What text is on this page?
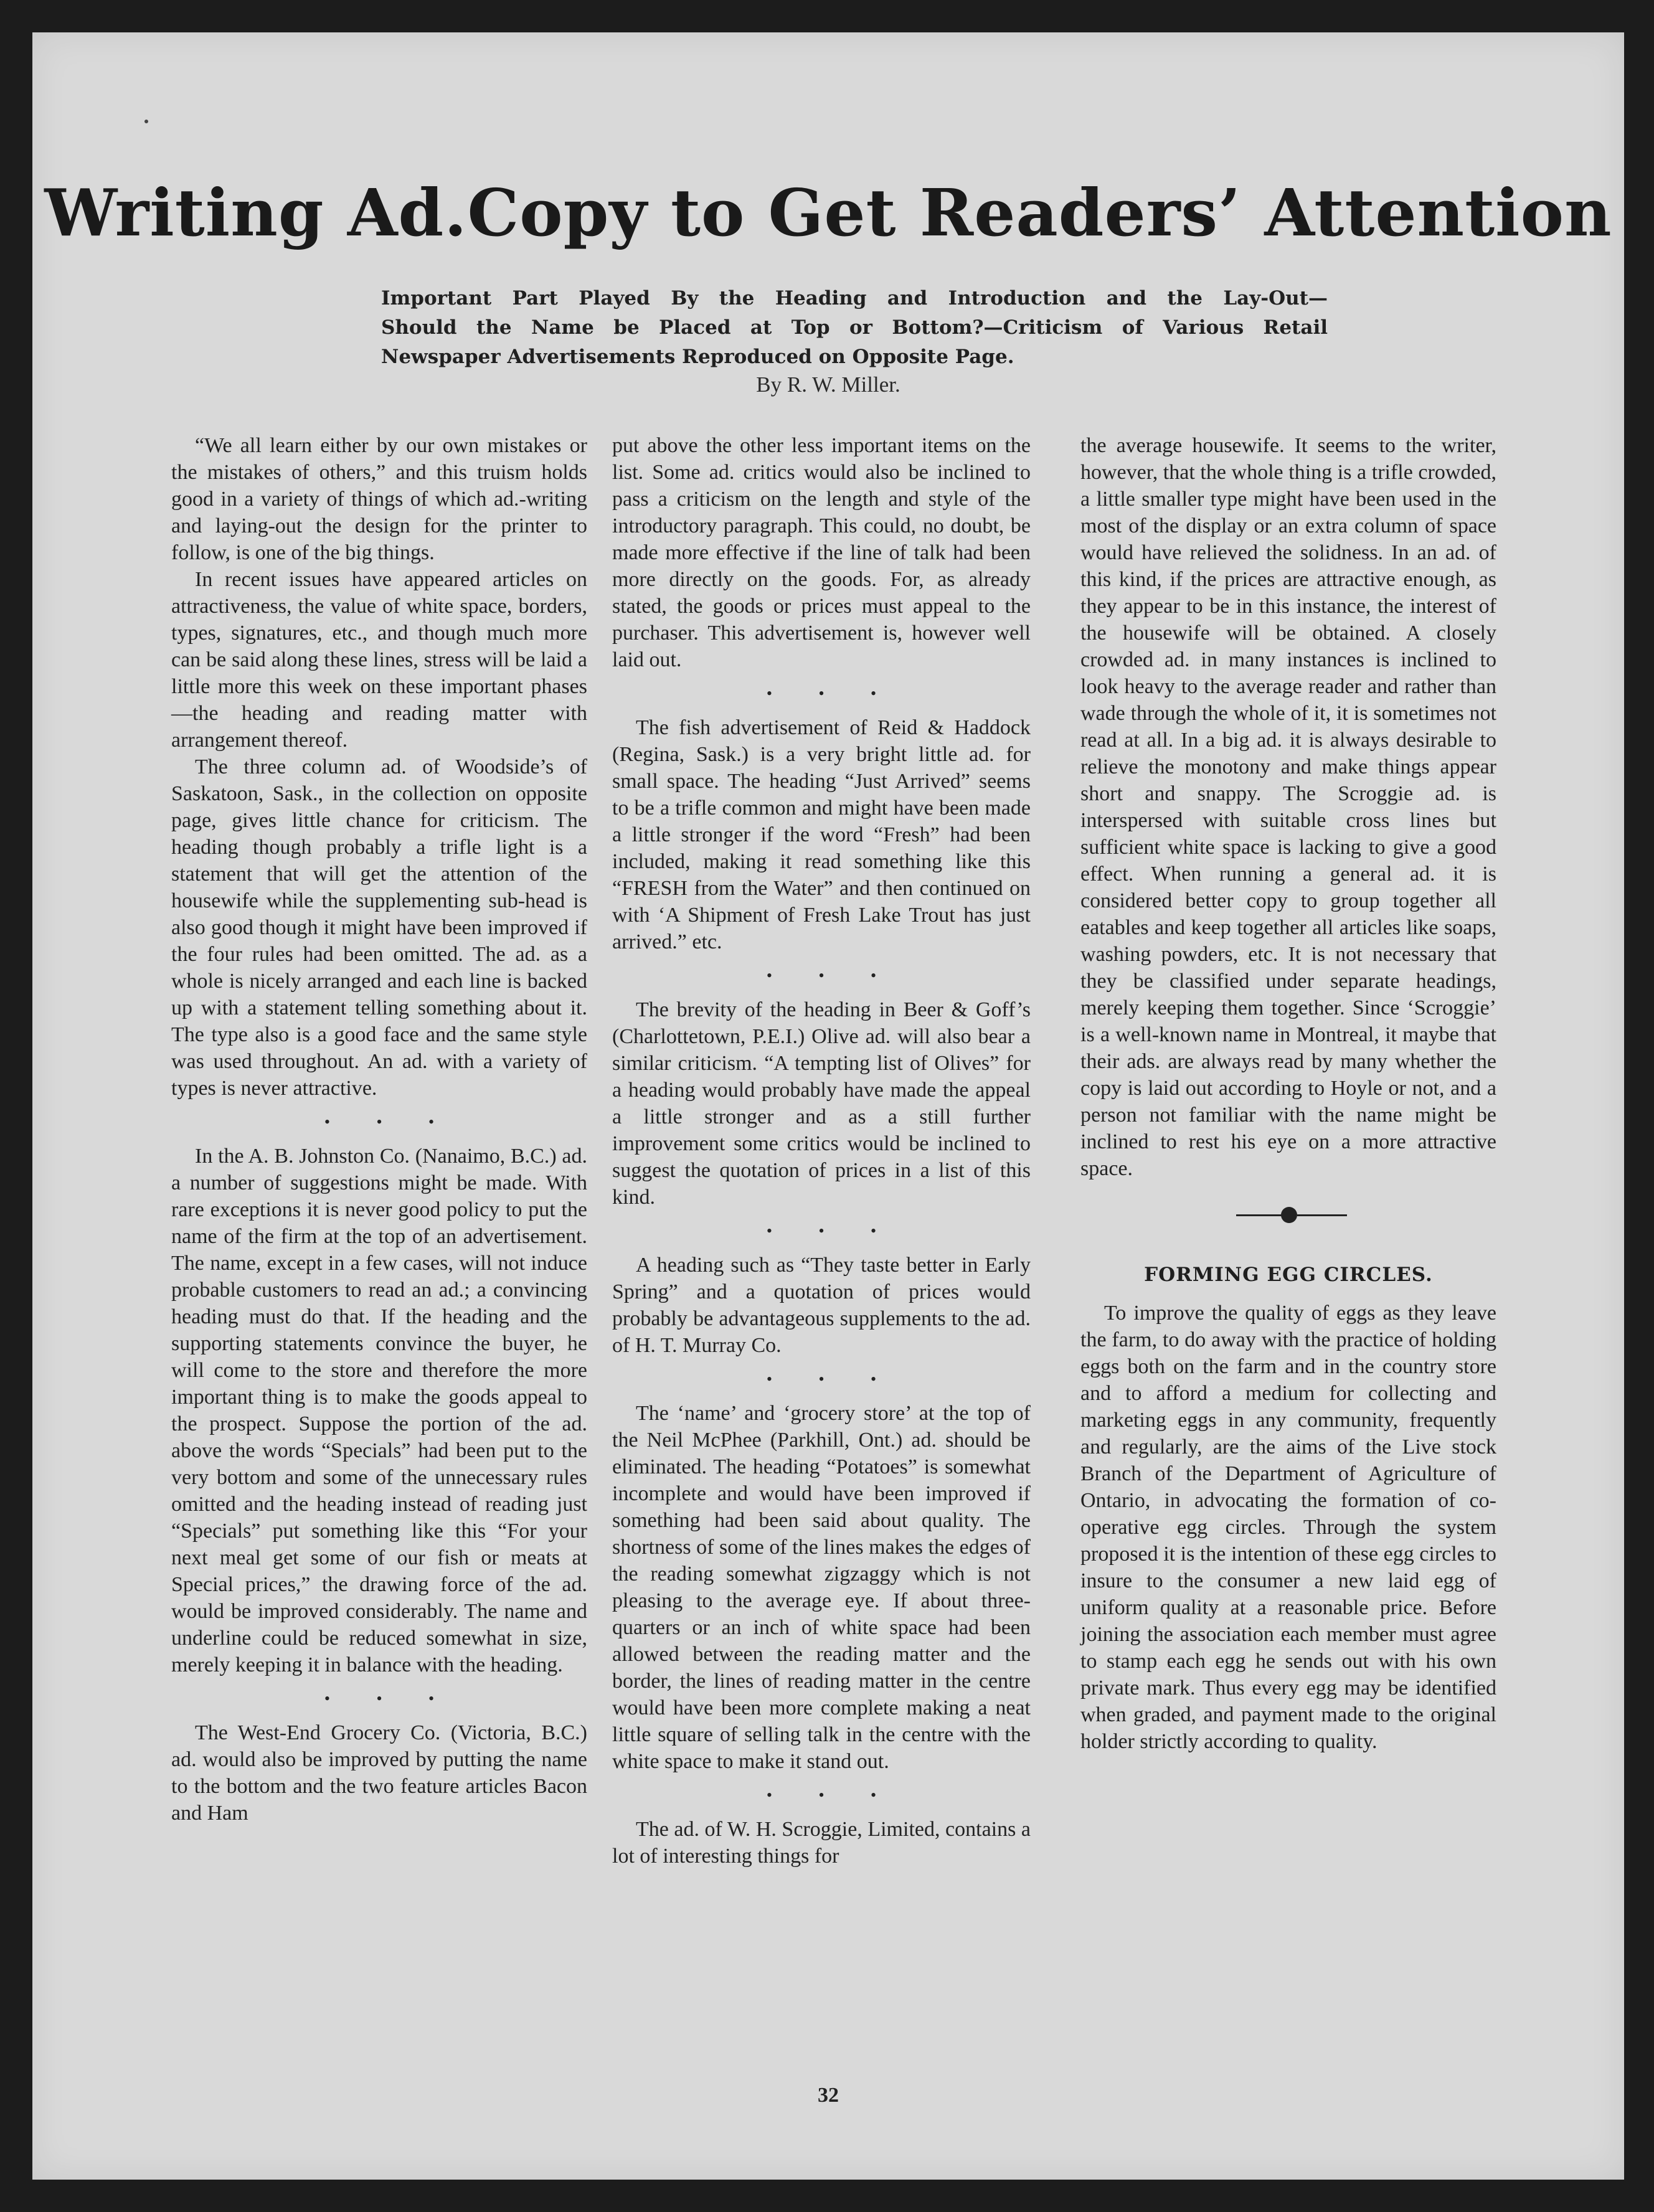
Writing Ad.Copy to Get Readers’ Attention
Important Part Played By the Heading and Introduction and the Lay-Out—
Should the Name be Placed at Top or Bottom?—Criticism of Various Retail
Newspaper Advertisements Reproduced on Opposite Page.
By R. W. Miller.

“We all learn either by our own mistakes or the mistakes of others,” and this truism holds good in a variety of things of which ad.-writing and laying-out the design for the printer to follow, is one of the big things.

In recent issues have appeared articles on attractiveness, the value of white space, borders, types, signatures, etc., and though much more can be said along these lines, stress will be laid a little more this week on these important phases—the heading and reading matter with arrangement thereof.

The three column ad. of Woodside’s of Saskatoon, Sask., in the collection on opposite page, gives little chance for criticism. The heading though probably a trifle light is a statement that will get the attention of the housewife while the supplementing sub-head is also good though it might have been improved if the four rules had been omitted. The ad. as a whole is nicely arranged and each line is backed up with a statement telling something about it. The type also is a good face and the same style was used throughout. An ad. with a variety of types is never attractive.

• • •

In the A. B. Johnston Co. (Nanaimo, B.C.) ad. a number of suggestions might be made. With rare exceptions it is never good policy to put the name of the firm at the top of an advertisement. The name, except in a few cases, will not induce probable customers to read an ad.; a convincing heading must do that. If the heading and the supporting statements convince the buyer, he will come to the store and therefore the more important thing is to make the goods appeal to the prospect. Suppose the portion of the ad. above the words “Specials” had been put to the very bottom and some of the unnecessary rules omitted and the heading instead of reading just “Specials” put something like this “For your next meal get some of our fish or meats at Special prices,” the drawing force of the ad. would be improved considerably. The name and underline could be reduced somewhat in size, merely keeping it in balance with the heading.

• • •

The West-End Grocery Co. (Victoria, B.C.) ad. would also be improved by putting the name to the bottom and the two feature articles Bacon and Ham

put above the other less important items on the list. Some ad. critics would also be inclined to pass a criticism on the length and style of the introductory paragraph. This could, no doubt, be made more effective if the line of talk had been more directly on the goods. For, as already stated, the goods or prices must appeal to the purchaser. This advertisement is, however well laid out.

• • •

The fish advertisement of Reid & Haddock (Regina, Sask.) is a very bright little ad. for small space. The heading “Just Arrived” seems to be a trifle common and might have been made a little stronger if the word “Fresh” had been included, making it read something like this “FRESH from the Water” and then continued on with ‘A Shipment of Fresh Lake Trout has just arrived.” etc.

• • •

The brevity of the heading in Beer & Goff’s (Charlottetown, P.E.I.) Olive ad. will also bear a similar criticism. “A tempting list of Olives” for a heading would probably have made the appeal a little stronger and as a still further improvement some critics would be inclined to suggest the quotation of prices in a list of this kind.

• • •

A heading such as “They taste better in Early Spring” and a quotation of prices would probably be advantageous supplements to the ad. of H. T. Murray Co.

• • •

The ‘name’ and ‘grocery store’ at the top of the Neil McPhee (Parkhill, Ont.) ad. should be eliminated. The heading “Potatoes” is somewhat incomplete and would have been improved if something had been said about quality. The shortness of some of the lines makes the edges of the reading somewhat zigzaggy which is not pleasing to the average eye. If about three-quarters or an inch of white space had been allowed between the reading matter and the border, the lines of reading matter in the centre would have been more complete making a neat little square of selling talk in the centre with the white space to make it stand out.

• • •

The ad. of W. H. Scroggie, Limited, contains a lot of interesting things for

the average housewife. It seems to the writer, however, that the whole thing is a trifle crowded, a little smaller type might have been used in the most of the display or an extra column of space would have relieved the solidness. In an ad. of this kind, if the prices are attractive enough, as they appear to be in this instance, the interest of the housewife will be obtained. A closely crowded ad. in many instances is inclined to look heavy to the average reader and rather than wade through the whole of it, it is sometimes not read at all. In a big ad. it is always desirable to relieve the monotony and make things appear short and snappy. The Scroggie ad. is interspersed with suitable cross lines but sufficient white space is lacking to give a good effect. When running a general ad. it is considered better copy to group together all eatables and keep together all articles like soaps, washing powders, etc. It is not necessary that they be classified under separate headings, merely keeping them together. Since ‘Scroggie’ is a well-known name in Montreal, it maybe that their ads. are always read by many whether the copy is laid out according to Hoyle or not, and a person not familiar with the name might be inclined to rest his eye on a more attractive space.

FORMING EGG CIRCLES.

To improve the quality of eggs as they leave the farm, to do away with the practice of holding eggs both on the farm and in the country store and to afford a medium for collecting and marketing eggs in any community, frequently and regularly, are the aims of the Live stock Branch of the Department of Agriculture of Ontario, in advocating the formation of co-operative egg circles. Through the system proposed it is the intention of these egg circles to insure to the consumer a new laid egg of uniform quality at a reasonable price. Before joining the association each member must agree to stamp each egg he sends out with his own private mark. Thus every egg may be identified when graded, and payment made to the original holder strictly according to quality.

32
